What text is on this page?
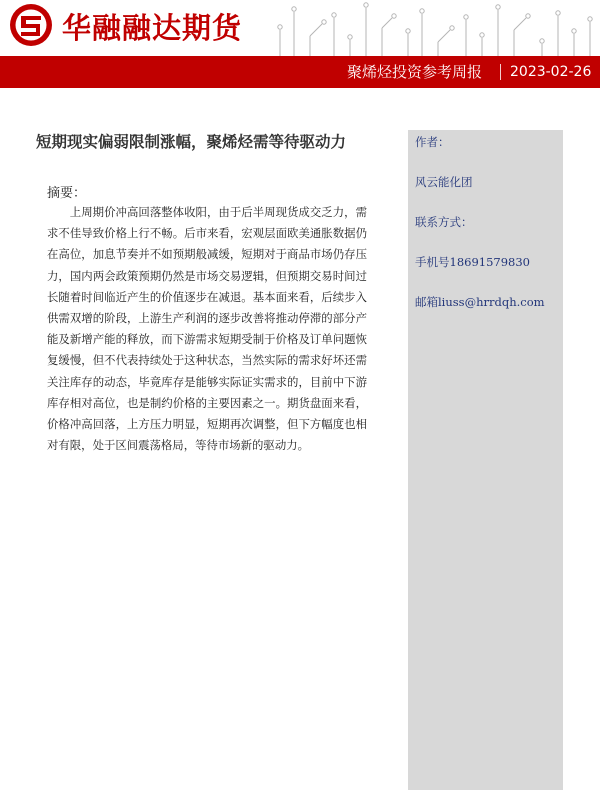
华融融达期货
聚烯烃投资参考周报 2023-02-26
短期现实偏弱限制涨幅，聚烯烃需等待驱动力
摘要：

上周期价冲高回落整体收阳，由于后半周现货成交乏力，需求不佳导致价格上行不畅。后市来看，宏观层面欧美通胀数据仍在高位，加息节奏并不如预期般减缓，短期对于商品市场仍存压力，国内两会政策预期仍然是市场交易逻辑，但预期交易时间过长随着时间临近产生的价值逐步在减退。基本面来看，后续步入供需双增的阶段，上游生产利润的逐步改善将推动停滞的部分产能及新增产能的释放，而下游需求短期受制于价格及订单问题恢复缓慢，但不代表持续处于这种状态，当然实际的需求好坏还需关注库存的动态，毕竟库存是能够实际证实需求的，目前中下游库存相对高位，也是制约价格的主要因素之一。期货盘面来看，价格冲高回落，上方压力明显，短期再次调整，但下方幅度也相对有限，处于区间震荡格局，等待市场新的驱动力。

作者：
风云能化团
联系方式：
手机号18691579830
邮箱liuss@hrrdqh.com
